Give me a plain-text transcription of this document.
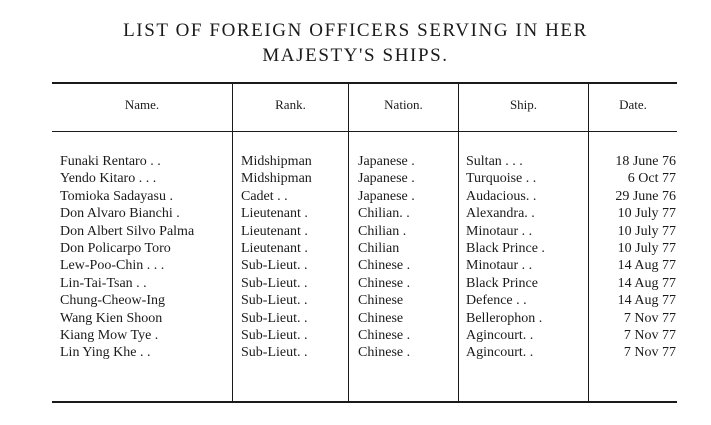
LIST OF FOREIGN OFFICERS SERVING IN HER
MAJESTY'S SHIPS.
Name.	Rank.	Nation.	Ship.	Date.
Funaki Rentaro . .	Midshipman	Japanese .	Sultan . . .	18 June 76
Yendo Kitaro . . .	Midshipman	Japanese .	Turquoise . .	6 Oct 77
Tomioka Sadayasu .	Cadet . .	Japanese .	Audacious. .	29 June 76
Don Alvaro Bianchi .	Lieutenant .	Chilian. .	Alexandra. .	10 July 77
Don Albert Silvo Palma	Lieutenant .	Chilian .	Minotaur . .	10 July 77
Don Policarpo Toro	Lieutenant .	Chilian	Black Prince .	10 July 77
Lew-Poo-Chin . . .	Sub-Lieut. .	Chinese .	Minotaur . .	14 Aug 77
Lin-Tai-Tsan . .	Sub-Lieut. .	Chinese .	Black Prince	14 Aug 77
Chung-Cheow-Ing	Sub-Lieut. .	Chinese	Defence . .	14 Aug 77
Wang Kien Shoon	Sub-Lieut. .	Chinese	Bellerophon .	7 Nov 77
Kiang Mow Tye .	Sub-Lieut. .	Chinese .	Agincourt. .	7 Nov 77
Lin Ying Khe . .	Sub-Lieut. .	Chinese .	Agincourt. .	7 Nov 77
